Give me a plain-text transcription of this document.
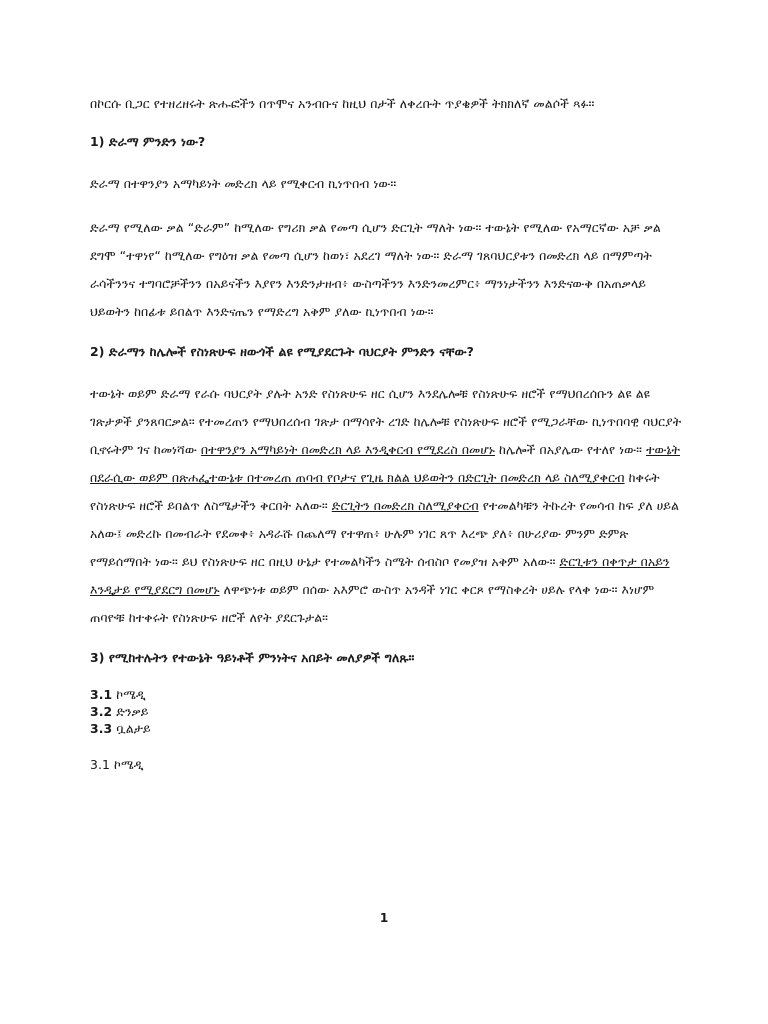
በኮርሱ ቢጋር የተዘረዘሩት ጽሑፎችን በጥሞና አንብቡና ከዚህ በታች ለቀረቡት ጥያቄዎች ትክክለኛ መልሶች ጻፉ።

1) ድራማ ምንድን ነው?

ድራማ በተዋንያን አማካይነት መድረክ ላይ የሚቀርብ ኪነጥበብ ነው።

ድራማ የሚለው ቃል “ድራም” ከሚለው የግሪክ ቃል የመጣ ሲሆን ድርጊት ማለት ነው። ተውኔት የሚለው የአማርኛው አቻ ቃል ደግሞ “ተዋነየ“ ከሚለው የግዕዝ ቃል የመጣ ሲሆን ከወነ፣ አደረገ ማለት ነው። ድራማ ገጸባህርያቱን በመድረክ ላይ በማምጣት ራሳችንንና ተግባሮቻችንን በአይናችን እያየን እንድንታዘብ፥ ውስጣችንን እንድንመረምር፥ ማንነታችንን እንድናውቅ በአጠቃላይ ህይወትን ከበፊቱ ይበልጥ እንድናጤን የማድረግ አቅም ያለው ኪነጥበብ ነው።

2) ድራማን ከሌሎች የስነጽሁፍ ዘውጎች ልዩ የሚያደርጉት ባህርያት ምንድን ናቸው?

ተውኔት ወይም ድራማ የራሱ ባህርያት ያሉት አንድ የስነጽሁፍ ዘር ሲሆን እንደሌሎቹ የስነጽሁፍ ዘሮች የማህበረሰቡን ልዩ ልዩ ገጽታዎች ያንጸባርቃል። የተመረጠን የማህበረሰብ ገጽታ በማሳየት ረገድ ከሌሎቹ የስነጽሁፍ ዘሮች የሚጋራቸው ኪነጥበባዊ ባህርያት ቢኖሩትም ገና ከመነሻው በተዋንያን አማካይነት በመድረክ ላይ እንዲቀርብ የሚደረስ በመሆኑ ከሌሎች በአያሌው የተለየ ነው። ተውኔት በደራሲው ወይም በጽሐፌተውኔቱ በተመረጠ ጠባብ የቦታና የጊዜ ክልል ህይወትን በድርጊት በመድረክ ላይ ስለሚያቀርብ ከቀሩት የስነጽሁፍ ዘሮች ይበልጥ ለስሜታችን ቅርበት አለው። ድርጊትን በመድረክ ስለሚያቀርብ የተመልካቹን ትኩረት የመሳብ ከፍ ያለ ሀይል አለው፤ መድረኩ በመብራት የደመቀ፥ አዳራሹ በጨለማ የተዋጠ፥ ሁሉም ነገር ጸጥ እረጭ ያለ፥ በሁሪያው ምንም ድምጽ የማይሰማበት ነው። ይህ የስነጽሁፍ ዘር በዚህ ሁኔታ የተመልካችን ስሜት ሰብስቦ የመያዝ አቅም አለው። ድርጊቱን በቀጥታ በአይን እንዲታይ የሚያደርግ በመሆኑ ለዋጭነቱ ወይም በሰው አእምሮ ውስጥ አንዳች ነገር ቀርጾ የማስቀረት ሀይሉ የላቀ ነው። እነሆም ጠባዮቹ ከተቀሩት የስነጽሁፍ ዘሮች ለየት ያደርጉታል።

3) የሚከተሉትን የተውኔት ዓይነቶች ምንነትና አበይት መለያዎች ግለጹ።

3.1 ኮሜዲ

3.2 ድንቃይ

3.3 ቧልታይ

3.1 ኮሜዲ

1
